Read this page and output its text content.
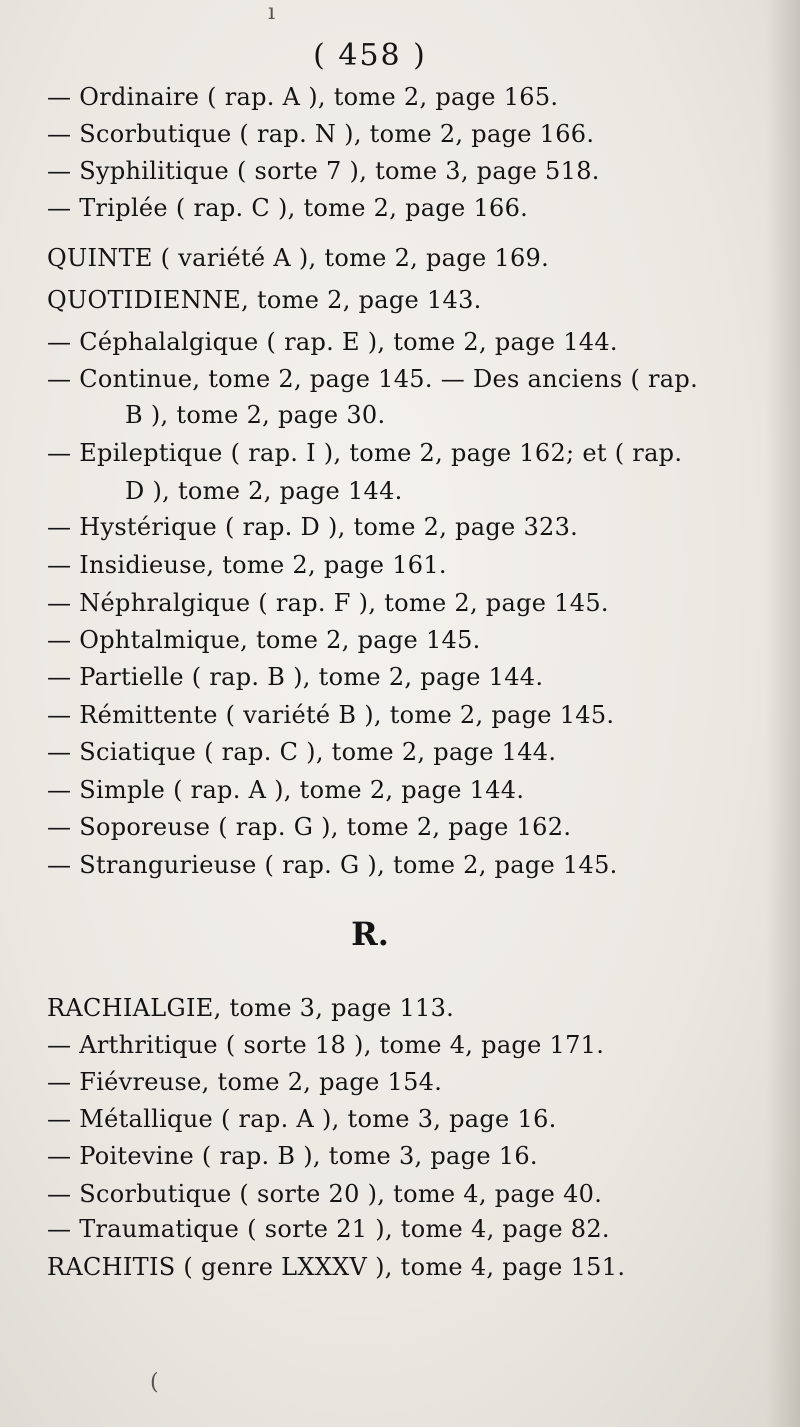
( 458 )
— Ordinaire ( rap. A ), tome 2, page 165.
— Scorbutique ( rap. N ), tome 2, page 166.
— Syphilitique ( sorte 7 ), tome 3, page 518.
— Triplée ( rap. C ), tome 2, page 166.
QUINTE ( variété A ), tome 2, page 169.
QUOTIDIENNE, tome 2, page 143.
— Céphalalgique ( rap. E ), tome 2, page 144.
— Continue, tome 2, page 145. — Des anciens ( rap.
B ), tome 2, page 30.
— Epileptique ( rap. I ), tome 2, page 162; et ( rap.
D ), tome 2, page 144.
— Hystérique ( rap. D ), tome 2, page 323.
— Insidieuse, tome 2, page 161.
— Néphralgique ( rap. F ), tome 2, page 145.
— Ophtalmique, tome 2, page 145.
— Partielle ( rap. B ), tome 2, page 144.
— Rémittente ( variété B ), tome 2, page 145.
— Sciatique ( rap. C ), tome 2, page 144.
— Simple ( rap. A ), tome 2, page 144.
— Soporeuse ( rap. G ), tome 2, page 162.
— Strangurieuse ( rap. G ), tome 2, page 145.
RACHIALGIE, tome 3, page 113.
— Arthritique ( sorte 18 ), tome 4, page 171.
— Fiévreuse, tome 2, page 154.
— Métallique ( rap. A ), tome 3, page 16.
— Poitevine ( rap. B ), tome 3, page 16.
— Scorbutique ( sorte 20 ), tome 4, page 40.
— Traumatique ( sorte 21 ), tome 4, page 82.
RACHITIS ( genre LXXXV ), tome 4, page 151.
R.
ı
(
